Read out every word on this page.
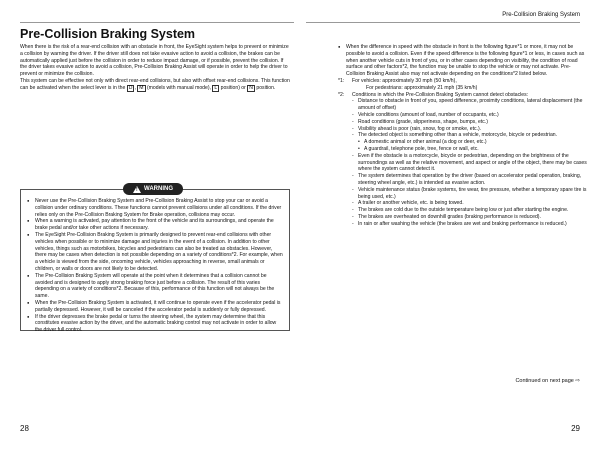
Pre-Collision Braking System

When there is the risk of a rear-end collision with an obstacle in front, the EyeSight system helps to prevent or minimize a collision by warning the driver. If the driver still does not take evasive action to avoid a collision, the brakes can be automatically applied just before the collision in order to reduce impact damage, or if possible, prevent the collision. If the driver takes evasive action to avoid a collision, Pre-Collision Braking Assist will operate in order to help the driver to prevent or minimize the collision.

This system can be effective not only with direct rear-end collisions, but also with offset rear-end collisions. This function can be activated when the select lever is in the D , M (models with manual mode), L position) or N position.

! WARNING

● Never use the Pre-Collision Braking System and Pre-Collision Braking Assist to stop your car or avoid a collision under ordinary conditions. These functions cannot prevent collisions under all conditions. If the driver relies only on the Pre-Collision Braking System for Brake operation, collisions may occur.

● When a warning is activated, pay attention to the front of the vehicle and its surroundings, and operate the brake pedal and/or take other actions if necessary.

● The EyeSight Pre-Collision Braking System is primarily designed to prevent rear-end collisions with other vehicles when possible or to minimize damage and injuries in the event of a collision. In addition to other vehicles, things such as motorbikes, bicycles and pedestrians can also be treated as obstacles. However, there may be cases when detection is not possible depending on a variety of conditions*2. For example, when a vehicle is viewed from the side, oncoming vehicle, vehicles approaching in reverse, small animals or children, or walls or doors are not likely to be detected.

● The Pre-Collision Braking System will operate at the point when it determines that a collision cannot be avoided and is designed to apply strong braking force just before a collision. The result of this varies depending on a variety of conditions*2. Because of this, performance of this function will not always be the same.

● When the Pre-Collision Braking System is activated, it will continue to operate even if the accelerator pedal is partially depressed. However, it will be canceled if the accelerator pedal is suddenly or fully depressed.

● If the driver depresses the brake pedal or turns the steering wheel, the system may determine that this constitutes evasive action by the driver, and the automatic braking control may not activate in order to allow the driver full control.

28
Pre-Collision Braking System

● When the difference in speed with the obstacle in front is the following figure*1 or more, it may not be possible to avoid a collision. Even if the speed difference is the following figure*1 or less, in cases such as when another vehicle cuts in front of you, or in other cases depending on visibility, the condition of road surface and other factors*2, the function may be unable to stop the vehicle or may not activate. Pre-Collision Braking Assist also may not activate depending on the conditions*2 listed below.

*1: For vehicles: approximately 30 mph (50 km/h),
For pedestrians: approximately 21 mph (35 km/h)
*2: Conditions in which the Pre-Collision Braking System cannot detect obstacles:

- Distance to obstacle in front of you, speed difference, proximity conditions, lateral displacement (the amount of offset)

- Vehicle conditions (amount of load, number of occupants, etc.)

- Road conditions (grade, slipperiness, shape, bumps, etc.)

- Visibility ahead is poor (rain, snow, fog or smoke, etc.).

- The detected object is something other than a vehicle, motorcycle, bicycle or pedestrian.

• A domestic animal or other animal (a dog or deer, etc.)

• A guardrail, telephone pole, tree, fence or wall, etc.

- Even if the obstacle is a motorcycle, bicycle or pedestrian, depending on the brightness of the surroundings as well as the relative movement, and aspect or angle of the object, there may be cases where the system cannot detect it.

- The system determines that operation by the driver (based on accelerator pedal operation, braking, steering wheel angle, etc.) is intended as evasive action.

- Vehicle maintenance status (brake systems, tire wear, tire pressure, whether a temporary spare tire is being used, etc.)

- A trailer or another vehicle, etc. is being towed.

- The brakes are cold due to the outside temperature being low or just after starting the engine.

- The brakes are overheated on downhill grades (braking performance is reduced).

- In rain or after washing the vehicle (the brakes are wet and braking performance is reduced.)

Continued on next page ⇨
29
